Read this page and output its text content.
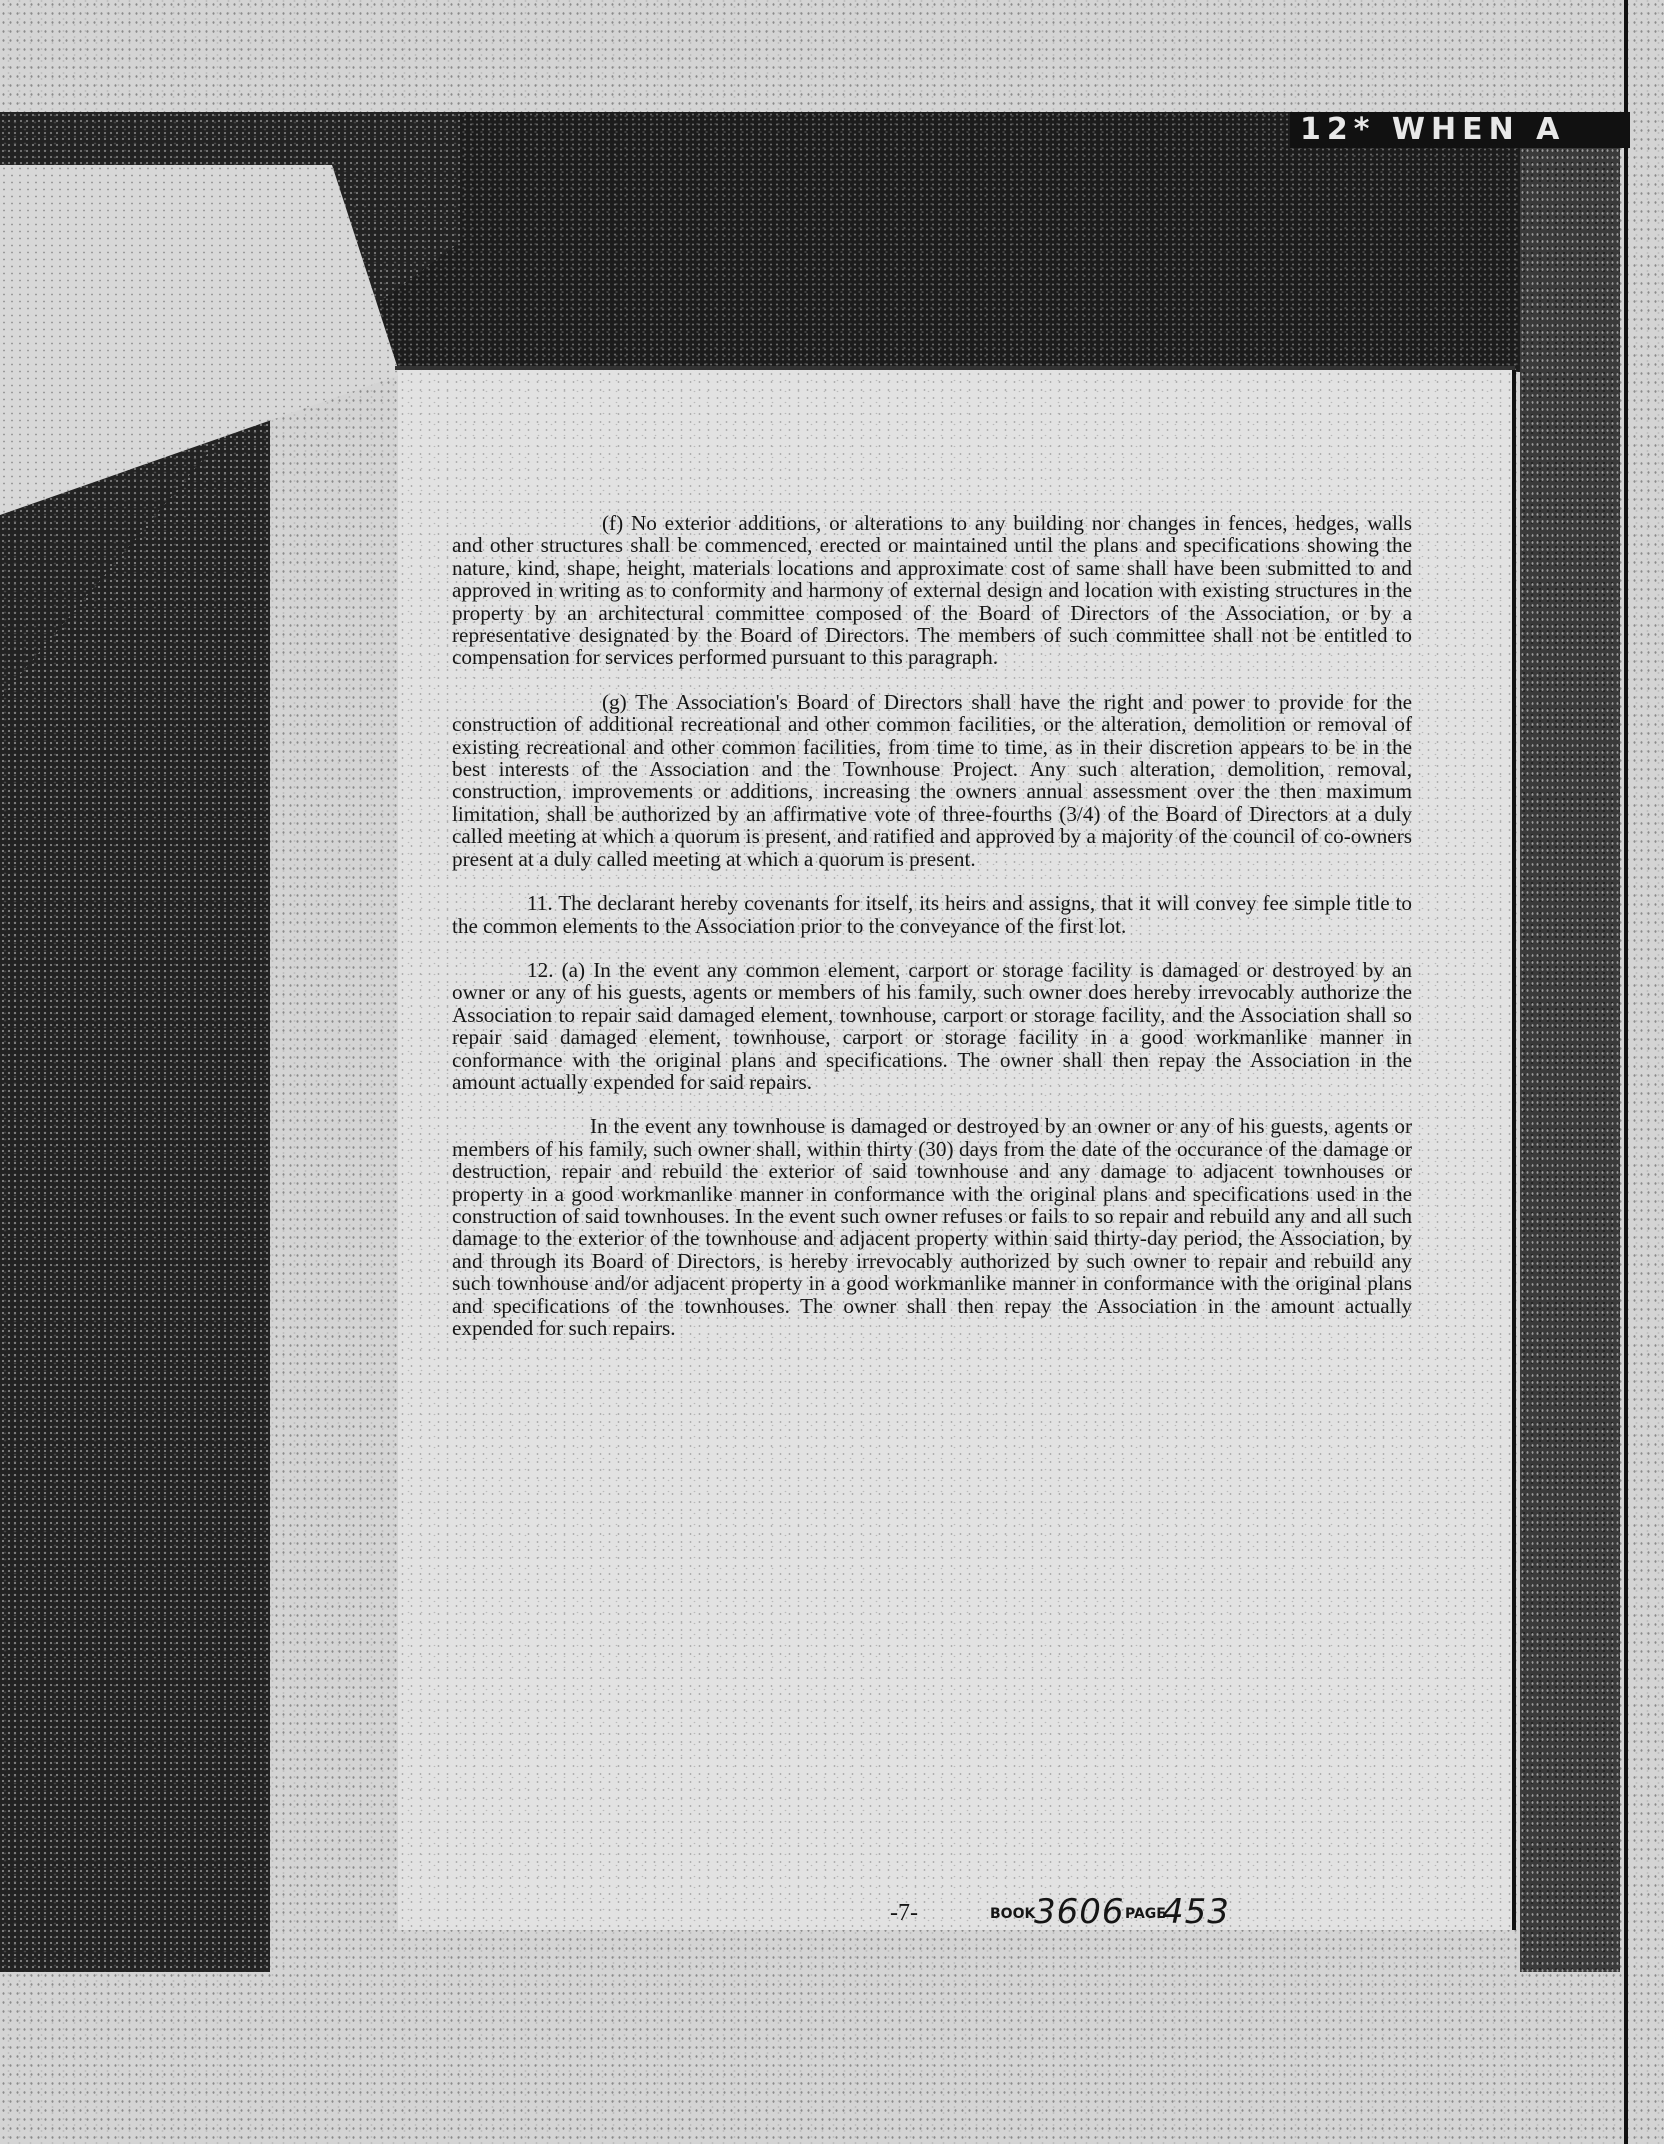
12* WHEN A

(f) No exterior additions, or alterations to any building nor changes in fences, hedges, walls and other structures shall be commenced, erected or maintained until the plans and specifications showing the nature, kind, shape, height, materials locations and approximate cost of same shall have been submitted to and approved in writing as to conformity and harmony of external design and location with existing structures in the property by an architectural committee composed of the Board of Directors of the Association, or by a representative designated by the Board of Directors. The members of such committee shall not be entitled to compensation for services performed pursuant to this paragraph.

(g) The Association's Board of Directors shall have the right and power to provide for the construction of additional recreational and other common facilities, or the alteration, demolition or removal of existing recreational and other common facilities, from time to time, as in their discretion appears to be in the best interests of the Association and the Townhouse Project. Any such alteration, demolition, removal, construction, improvements or additions, increasing the owners annual assessment over the then maximum limitation, shall be authorized by an affirmative vote of three-fourths (3/4) of the Board of Directors at a duly called meeting at which a quorum is present, and ratified and approved by a majority of the council of co-owners present at a duly called meeting at which a quorum is present.

11. The declarant hereby covenants for itself, its heirs and assigns, that it will convey fee simple title to the common elements to the Association prior to the conveyance of the first lot.

12. (a) In the event any common element, carport or storage facility is damaged or destroyed by an owner or any of his guests, agents or members of his family, such owner does hereby irrevocably authorize the Association to repair said damaged element, townhouse, carport or storage facility, and the Association shall so repair said damaged element, townhouse, carport or storage facility in a good workmanlike manner in conformance with the original plans and specifications. The owner shall then repay the Association in the amount actually expended for said repairs.

In the event any townhouse is damaged or destroyed by an owner or any of his guests, agents or members of his family, such owner shall, within thirty (30) days from the date of the occurance of the damage or destruction, repair and rebuild the exterior of said townhouse and any damage to adjacent townhouses or property in a good workmanlike manner in conformance with the original plans and specifications used in the construction of said townhouses. In the event such owner refuses or fails to so repair and rebuild any and all such damage to the exterior of the townhouse and adjacent property within said thirty-day period, the Association, by and through its Board of Directors, is hereby irrevocably authorized by such owner to repair and rebuild any such townhouse and/or adjacent property in a good workmanlike manner in conformance with the original plans and specifications of the townhouses. The owner shall then repay the Association in the amount actually expended for such repairs.

-7-	BOOK
3606 PAGE
453
